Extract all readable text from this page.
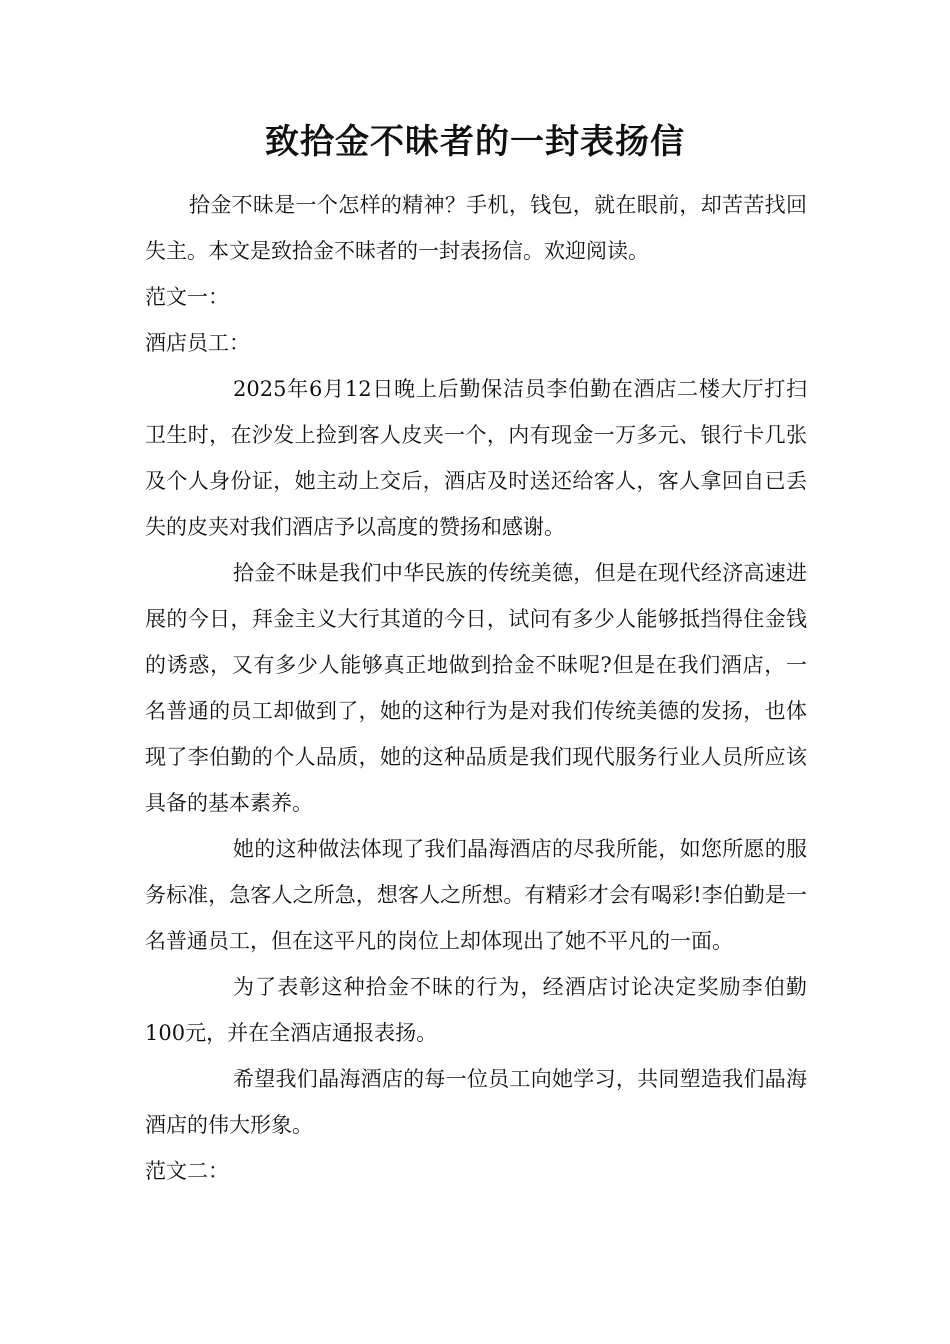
致拾金不昧者的一封表扬信

拾金不昧是一个怎样的精神？手机，钱包，就在眼前，却苦苦找回失主。本文是致拾金不昧者的一封表扬信。欢迎阅读。

范文一：

酒店员工：

2025年6月12日晚上后勤保洁员李伯勤在酒店二楼大厅打扫卫生时，在沙发上捡到客人皮夹一个，内有现金一万多元、银行卡几张及个人身份证，她主动上交后，酒店及时送还给客人，客人拿回自已丢失的皮夹对我们酒店予以高度的赞扬和感谢。

拾金不昧是我们中华民族的传统美德，但是在现代经济高速进展的今日，拜金主义大行其道的今日，试问有多少人能够抵挡得住金钱的诱惑，又有多少人能够真正地做到拾金不昧呢?但是在我们酒店，一名普通的员工却做到了，她的这种行为是对我们传统美德的发扬，也体现了李伯勤的个人品质，她的这种品质是我们现代服务行业人员所应该具备的基本素养。

她的这种做法体现了我们晶海酒店的尽我所能，如您所愿的服务标准，急客人之所急，想客人之所想。有精彩才会有喝彩!李伯勤是一名普通员工，但在这平凡的岗位上却体现出了她不平凡的一面。

为了表彰这种拾金不昧的行为，经酒店讨论决定奖励李伯勤100元，并在全酒店通报表扬。

希望我们晶海酒店的每一位员工向她学习，共同塑造我们晶海酒店的伟大形象。

范文二：
